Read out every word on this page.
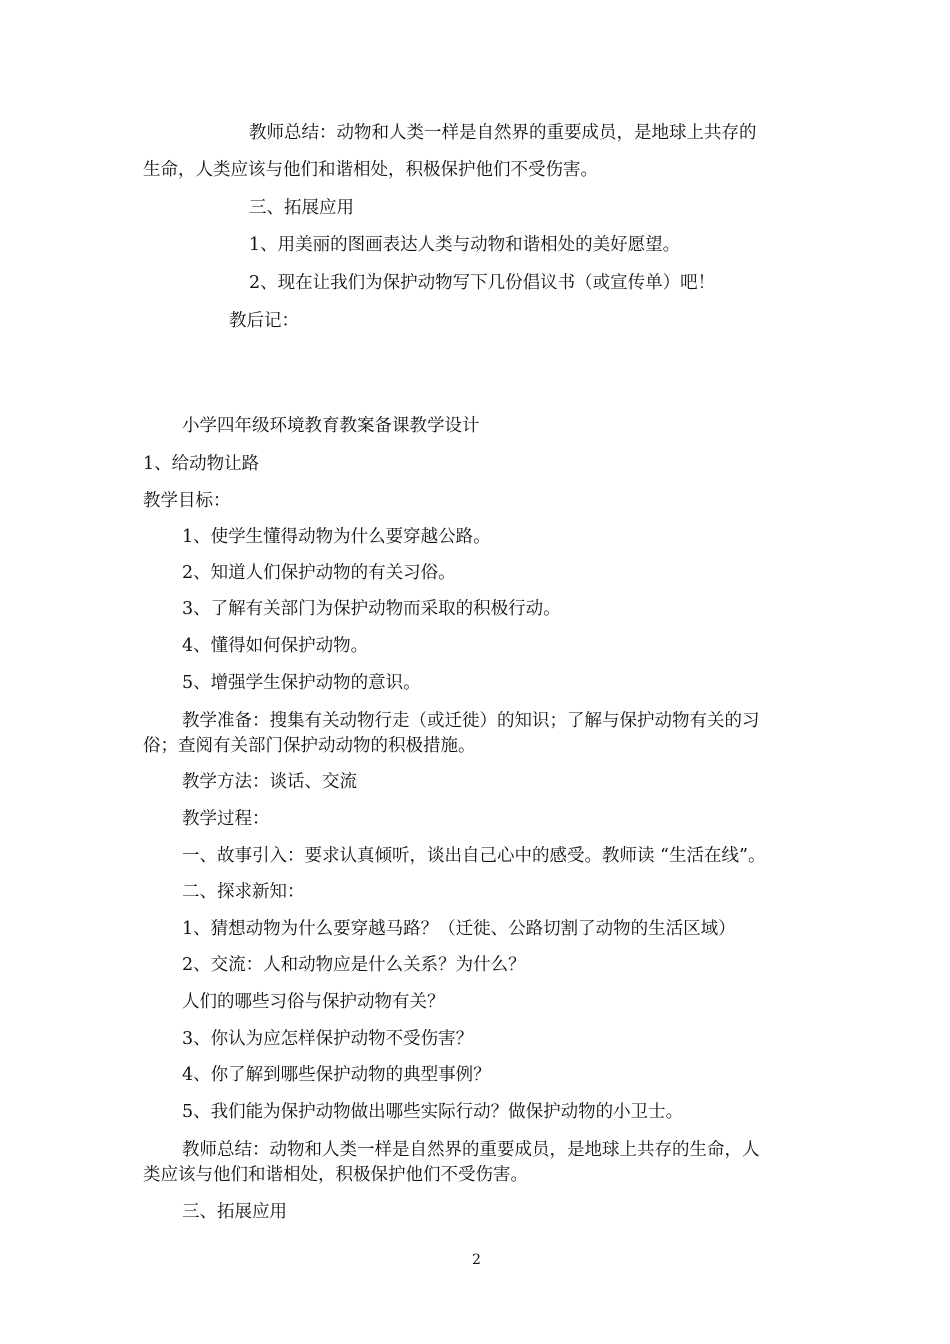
教师总结：动物和人类一样是自然界的重要成员，是地球上共存的
生命，人类应该与他们和谐相处，积极保护他们不受伤害。
三、拓展应用
1、用美丽的图画表达人类与动物和谐相处的美好愿望。
2、现在让我们为保护动物写下几份倡议书（或宣传单）吧！
教后记：
小学四年级环境教育教案备课教学设计
1、给动物让路
教学目标：
1、使学生懂得动物为什么要穿越公路。
2、知道人们保护动物的有关习俗。
3、了解有关部门为保护动物而采取的积极行动。
4、懂得如何保护动物。
5、增强学生保护动物的意识。
教学准备：搜集有关动物行走（或迁徙）的知识；了解与保护动物有关的习
俗；查阅有关部门保护动动物的积极措施。
教学方法：谈话、交流
教学过程：
一、故事引入：要求认真倾听，谈出自己心中的感受。教师读 “生活在线”。
二、探求新知：
1、猜想动物为什么要穿越马路？（迁徙、公路切割了动物的生活区域）
2、交流：人和动物应是什么关系？为什么？
人们的哪些习俗与保护动物有关？
3、你认为应怎样保护动物不受伤害？
4、你了解到哪些保护动物的典型事例？
5、我们能为保护动物做出哪些实际行动？做保护动物的小卫士。
教师总结：动物和人类一样是自然界的重要成员，是地球上共存的生命，人
类应该与他们和谐相处，积极保护他们不受伤害。
三、拓展应用
2
